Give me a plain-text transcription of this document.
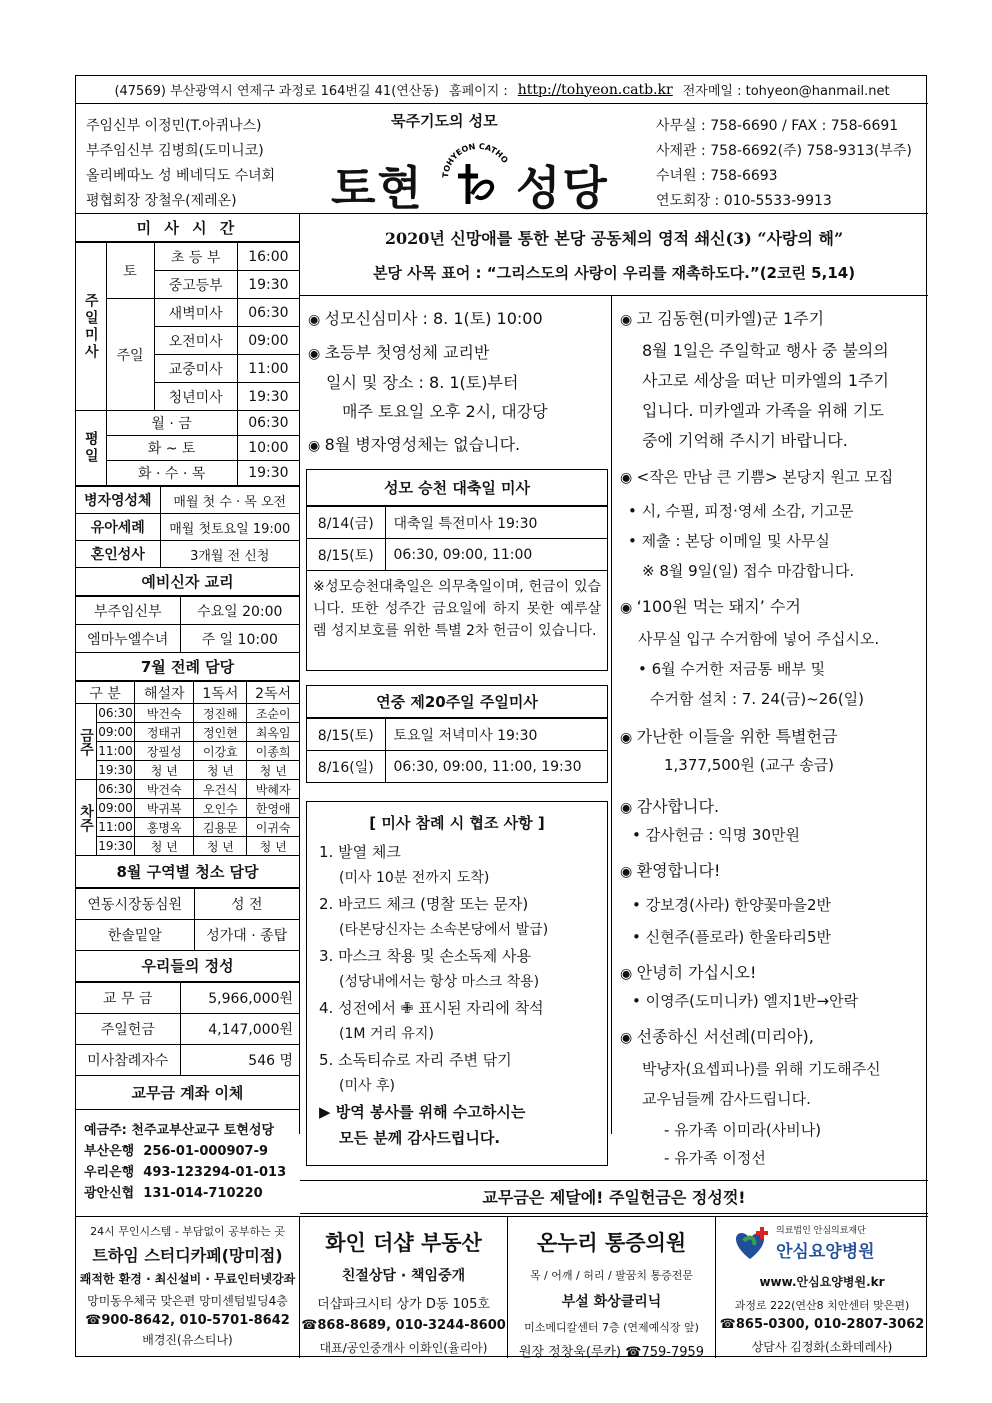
(47569) 부산광역시 연제구 과정로 164번길 41(연산동) 홈페이지 : http://tohyeon.catb.kr 전자메일 : tohyeon@hanmail.net
주임신부 이정민(T.아퀴나스)
부주임신부 김병희(도미니코)
올리베따노 성 베네딕도 수녀회
평협회장 장철우(제레온)
묵주기도의 성모
토현	TOHYEON CATHO
성당
사무실 : 758-6690 / FAX : 758-6691
사제관 : 758-6692(주) 758-9313(부주)
수녀원 : 758-6693
연도회장 : 010-5533-9913
미 사 시 간
주일미사	토	초 등 부	16:00
		중고등부	19:30
	주일	새벽미사	06:30
		오전미사	09:00
		교중미사	11:00
		청년미사	19:30
평일	월 · 금		06:30
	화 ~ 토		10:00
	화 · 수 · 목		19:30
병자영성체	매월 첫 수 · 목 오전
유아세례	매월 첫토요일 19:00
혼인성사	3개월 전 신청
예비신자 교리
부주임신부	수요일 20:00
엠마누엘수녀	주 일 10:00
7월 전례 담당
구 분		해설자	1독서	2독서
금주	06:30	박건숙	정진해	조순이
	09:00	정태귀	정인현	최옥임
	11:00	장필성	이강효	이종희
	19:30	청 년	청 년	청 년
차주	06:30	박건숙	우건식	박혜자
	09:00	박귀복	오인수	한영애
	11:00	홍명옥	김용문	이귀숙
	19:30	청 년	청 년	청 년
8월 구역별 청소 담당
연동시장동심원	성 전
한솔밑알	성가대 · 종탑
우리들의 정성
교 무 금	5,966,000원
주일헌금	4,147,000원
미사참례자수	546 명
교무금 계좌 이체
예금주: 천주교부산교구 토현성당
부산은행 256-01-000907-9
우리은행 493-123294-01-013
광안신협 131-014-710220
2020년 신망애를 통한 본당 공동체의 영적 쇄신(3) “사랑의 해”
본당 사목 표어 : “그리스도의 사랑이 우리를 재촉하도다.”(2코린 5,14)
◉ 성모신심미사 : 8. 1(토) 10:00
◉ 초등부 첫영성체 교리반
일시 및 장소 : 8. 1(토)부터
매주 토요일 오후 2시, 대강당
◉ 8월 병자영성체는 없습니다.
성모 승천 대축일 미사
8/14(금)	대축일 특전미사 19:30
8/15(토)	06:30, 09:00, 11:00
※성모승천대축일은 의무축일이며, 헌금이 있습니다. 또한 성주간 금요일에 하지 못한 예루살렘 성지보호를 위한 특별 2차 헌금이 있습니다.
연중 제20주일 주일미사
8/15(토)	토요일 저녁미사 19:30
8/16(일)	06:30, 09:00, 11:00, 19:30
[ 미사 참례 시 협조 사항 ]
1. 발열 체크
(미사 10분 전까지 도착)
2. 바코드 체크 (명찰 또는 문자)
(타본당신자는 소속본당에서 발급)
3. 마스크 착용 및 손소독제 사용
(성당내에서는 항상 마스크 착용)
4. 성전에서 ✙ 표시된 자리에 착석
(1M 거리 유지)
5. 소독티슈로 자리 주변 닦기
(미사 후)
▶ 방역 봉사를 위해 수고하시는
모든 분께 감사드립니다.
◉ 고 김동현(미카엘)군 1주기
8월 1일은 주일학교 행사 중 불의의
사고로 세상을 떠난 미카엘의 1주기
입니다. 미카엘과 가족을 위해 기도
중에 기억해 주시기 바랍니다.
◉ <작은 만남 큰 기쁨> 본당지 원고 모집
• 시, 수필, 피정·영세 소감, 기고문
• 제출 : 본당 이메일 및 사무실
※ 8월 9일(일) 접수 마감합니다.
◉ ‘100원 먹는 돼지’ 수거
사무실 입구 수거함에 넣어 주십시오.
• 6월 수거한 저금통 배부 및
수거함 설치 : 7. 24(금)~26(일)
◉ 가난한 이들을 위한 특별헌금
1,377,500원 (교구 송금)
◉ 감사합니다.
• 감사헌금 : 익명 30만원
◉ 환영합니다!
• 강보경(사라) 한양꽃마을2반
• 신현주(플로라) 한울타리5반
◉ 안녕히 가십시오!
• 이영주(도미니카) 엘지1반→안락
◉ 선종하신 서선례(미리아),
박냥자(요셉피나)를 위해 기도해주신
교우님들께 감사드립니다.
- 유가족 이미라(사비나)
- 유가족 이정선
교무금은 제달에! 주일헌금은 정성껏!
24시 무인시스템 - 부담없이 공부하는 곳
트하임 스터디카페(망미점)
쾌적한 환경 · 최신설비 · 무료인터넷강좌
망미동우체국 맞은편 망미센텀빌딩4층
☎900-8642, 010-5701-8642
배경진(유스티나)
화인 더샵 부동산
친절상담 · 책임중개
더샵파크시티 상가 D동 105호
☎868-8689, 010-3244-8600
대표/공인중개사 이화인(율리아)
온누리 통증의원
목 / 어깨 / 허리 / 팔꿈치 통증전문
부설 화상클리닉
미소메디칼센터 7층 (연제예식장 앞)
원장 정창욱(루카) ☎759-7959
의료법인 안심의료재단
안심요양병원
www.안심요양병원.kr
과정로 222(연산8 치안센터 맞은편)
☎865-0300, 010-2807-3062
상담사 김정화(소화데레사)
